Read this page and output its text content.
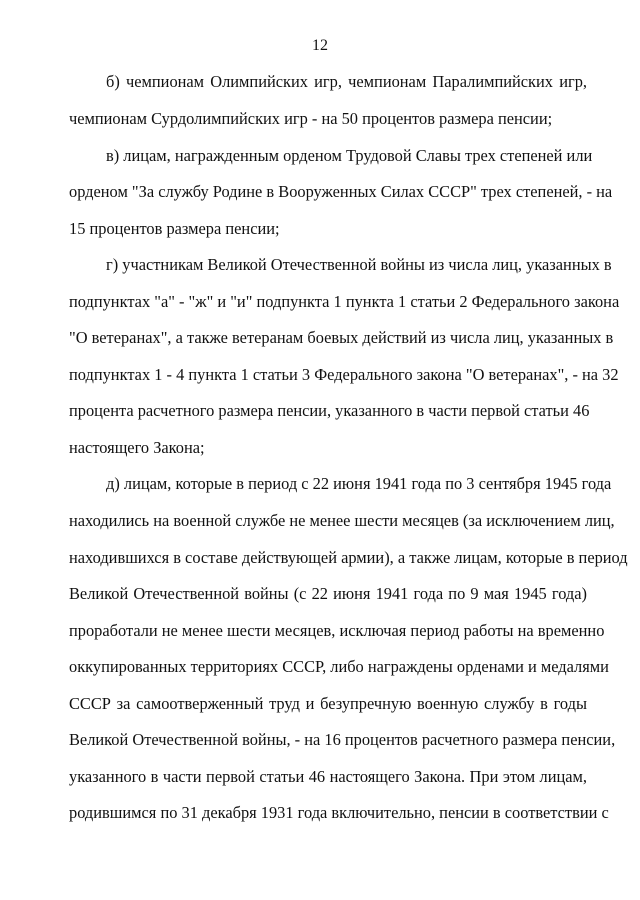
12
б) чемпионам Олимпийских игр, чемпионам Паралимпийских игр,
чемпионам Сурдолимпийских игр - на 50 процентов размера пенсии;
в) лицам, награжденным орденом Трудовой Славы трех степеней или
орденом "За службу Родине в Вооруженных Силах СССР" трех степеней, - на
15 процентов размера пенсии;
г) участникам Великой Отечественной войны из числа лиц, указанных в
подпунктах "а" - "ж" и "и" подпункта 1 пункта 1 статьи 2 Федерального закона
"О ветеранах", а также ветеранам боевых действий из числа лиц, указанных в
подпунктах 1 - 4 пункта 1 статьи 3 Федерального закона "О ветеранах", - на 32
процента расчетного размера пенсии, указанного в части первой статьи 46
настоящего Закона;
д) лицам, которые в период с 22 июня 1941 года по 3 сентября 1945 года
находились на военной службе не менее шести месяцев (за исключением лиц,
находившихся в составе действующей армии), а также лицам, которые в период
Великой Отечественной войны (с 22 июня 1941 года по 9 мая 1945 года)
проработали не менее шести месяцев, исключая период работы на временно
оккупированных территориях СССР, либо награждены орденами и медалями
СССР за самоотверженный труд и безупречную военную службу в годы
Великой Отечественной войны, - на 16 процентов расчетного размера пенсии,
указанного в части первой статьи 46 настоящего Закона. При этом лицам,
родившимся по 31 декабря 1931 года включительно, пенсии в соответствии с
